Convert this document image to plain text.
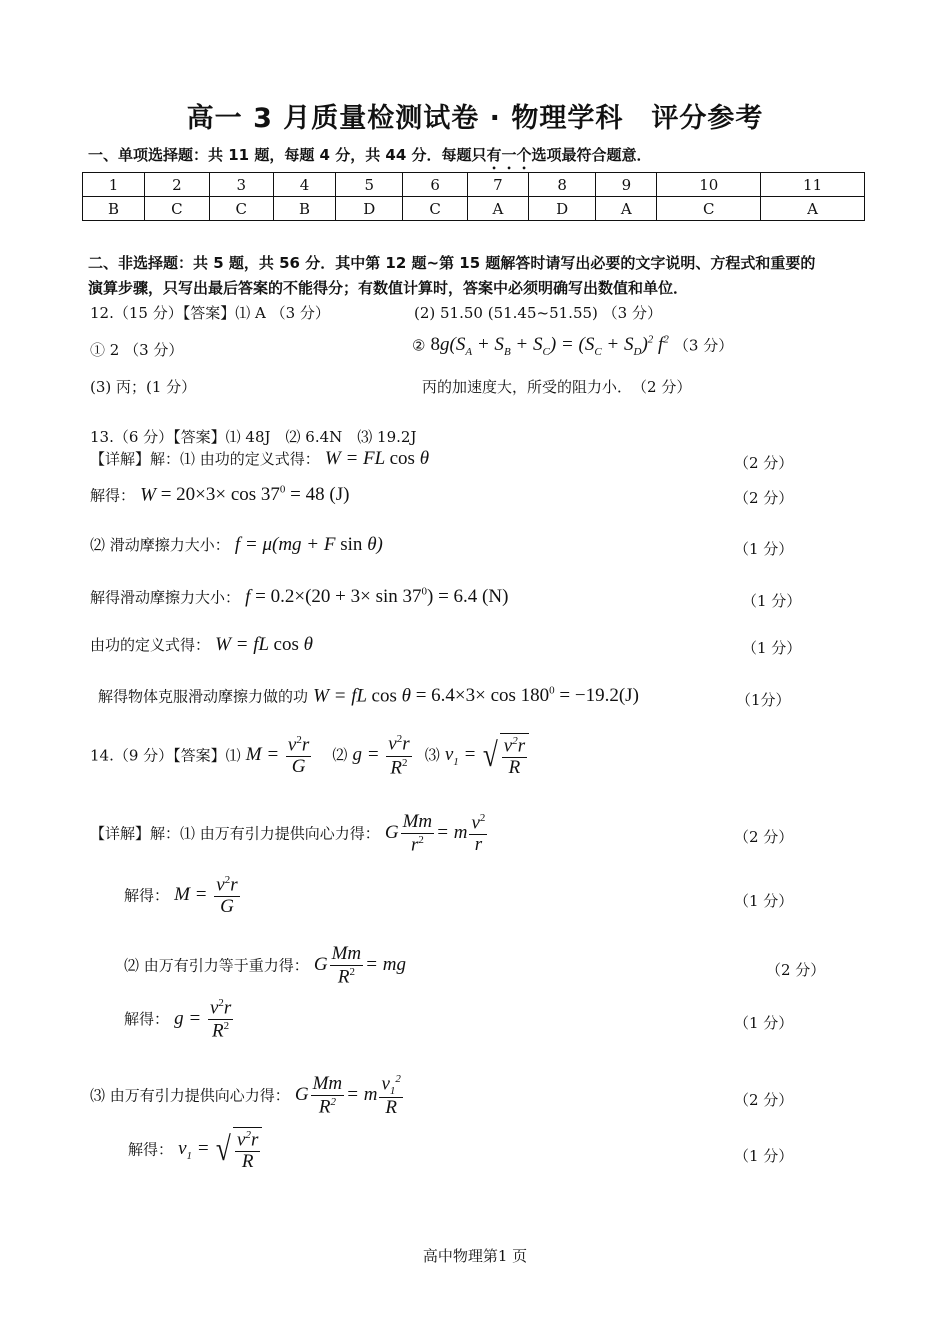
高一 3 月质量检测试卷 · 物理学科　评分参考
一、单项选择题：共 11 题，每题 4 分，共 44 分．每题只有一个选项最符合题意．
1	2	3	4	5	6	7	8	9	10	11
B	C	C	B	D	C	A	D	A	C	A
二、非选择题：共 5 题，共 56 分．其中第 12 题~第 15 题解答时请写出必要的文字说明、方程式和重要的
演算步骤，只写出最后答案的不能得分；有数值计算时，答案中必须明确写出数值和单位．
12.（15 分）【答案】⑴ A （3 分）	(2) 51.50 (51.45~51.55) （3 分）
① 2 （3 分）	② $8g(S_A + S_B + S_C) = (S_C + S_D)^2$ $f^2$ （3 分）
(3) 丙；(1 分）	丙的加速度大，所受的阻力小．　（2 分）
13.（6 分）【答案】⑴ 48J　⑵ 6.4N　⑶ 19.2J
【详解】解：⑴ 由功的定义式得： W = FL cos θ	（2 分）
解得： $W = 20\times 3\times \cos 37^0 = 48$ (J)	（2 分）
⑵ 滑动摩擦力大小： f = μ(mg + F sin θ)	（1 分）
解得滑动摩擦力大小： $f = 0.2\times(20 + 3\times \sin 37^0) = 6.4$ (N)	（1 分）
由功的定义式得： W = fL cos θ	（1 分）
解得物体克服滑动摩擦力做的功 W = fL $\cos \theta = 6.4\times 3\times \cos 180^0 = -19.2(J)$	（1分）
14.（9 分）【答案】⑴ $M = \frac{v^2r}{G}$ ⑵ $g = \frac{v^2r}{R^2}$ ⑶ $v_1$ = √ $\frac{v^2r}{R}$
【详解】解：⑴ 由万有引力提供向心力得： G $\frac{Mm}{r^2} = m \frac{v^2}{r}$	（2 分）
解得： $M = \frac{v^2r}{G}$	（1 分）
⑵ 由万有引力等于重力得： G $\frac{Mm}{R^2}$ = mg	（2 分）
解得： $g = \frac{v^2r}{R^2}$	（1 分）
⑶ 由万有引力提供向心力得： G $\frac{Mm}{R^2} = m \frac{v_1^2}{R}$	（2 分）
解得： $v_1$ = √ $\frac{v^2r}{R}$	（1 分）
高中物理第1 页
